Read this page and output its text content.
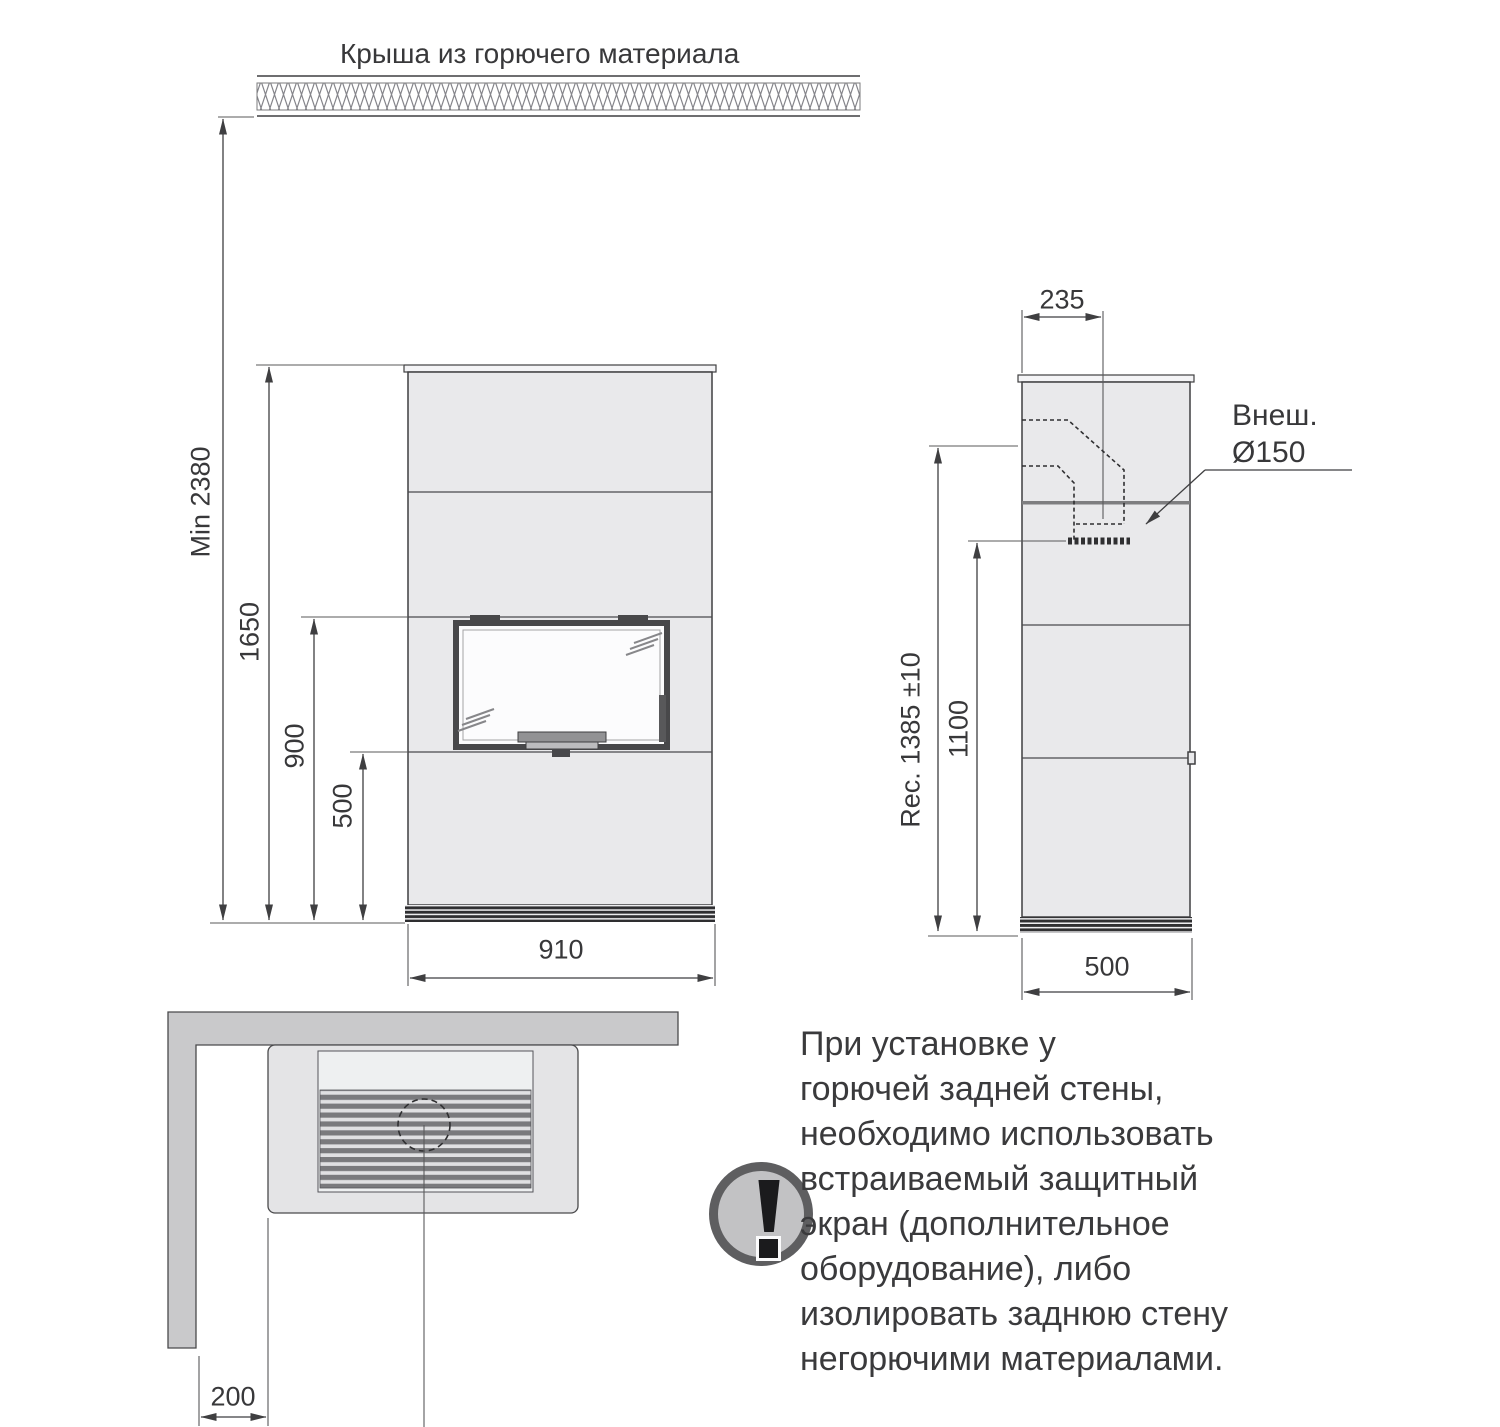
Крыша из горючего материала
Min 2380
1650
900
500
910
235
Rec. 1385 ±10 1100
500
Внеш.
Ø150
200
При установке у
горючей задней стены,
необходимо использовать
встраиваемый защитный
экран (дополнительное
оборудование), либо
изолировать заднюю стену
негорючими материалами.
